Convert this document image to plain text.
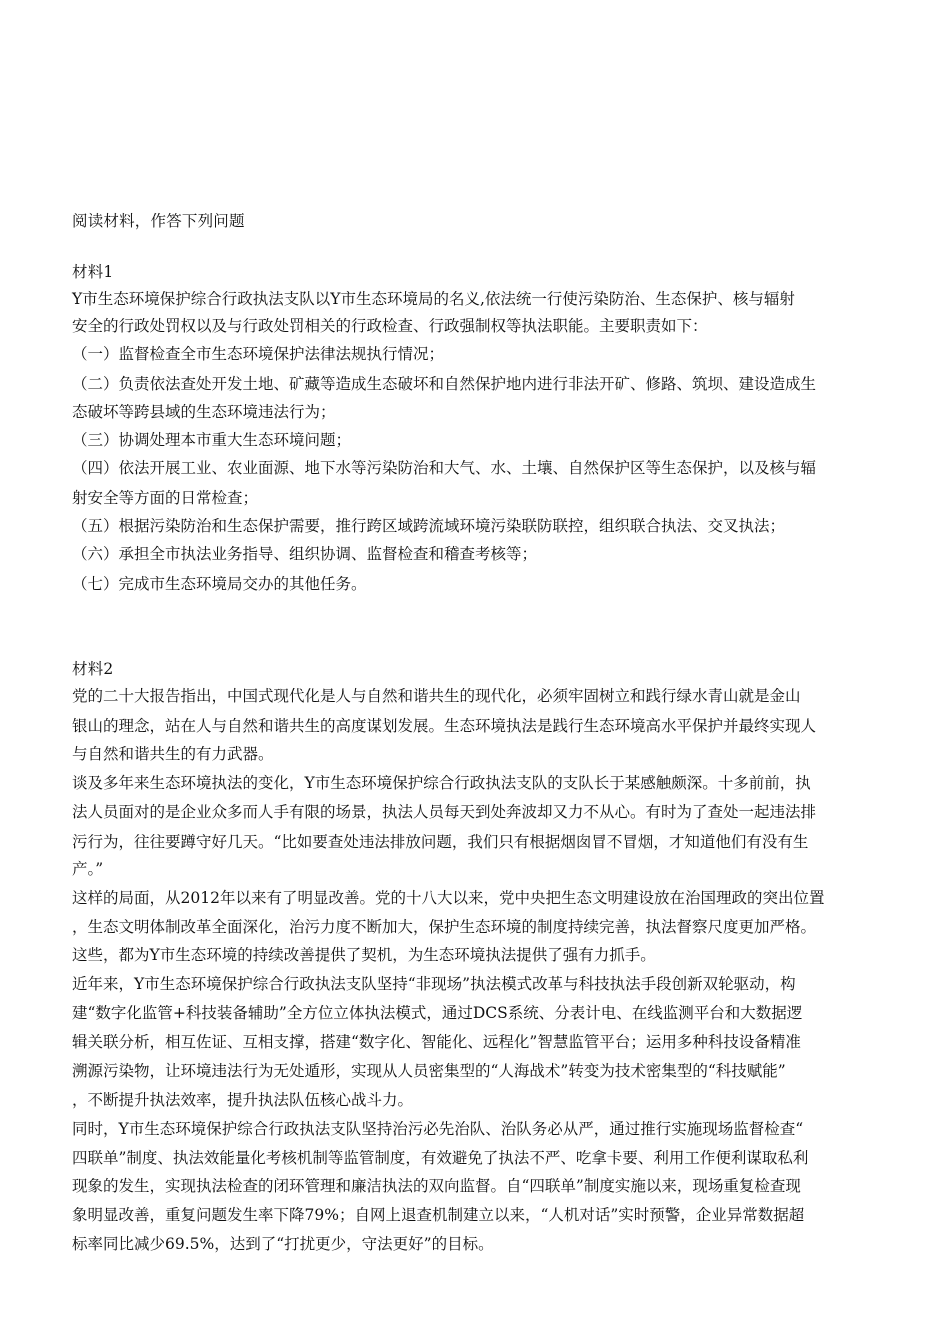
阅读材料，作答下列问题
材料1
Y市生态环境保护综合行政执法支队以Y市生态环境局的名义,依法统一行使污染防治、生态保护、核与辐射
安全的行政处罚权以及与行政处罚相关的行政检查、行政强制权等执法职能。主要职责如下：
（一）监督检查全市生态环境保护法律法规执行情况；
（二）负责依法查处开发土地、矿藏等造成生态破坏和自然保护地内进行非法开矿、修路、筑坝、建设造成生
态破坏等跨县域的生态环境违法行为；
（三）协调处理本市重大生态环境问题；
（四）依法开展工业、农业面源、地下水等污染防治和大气、水、土壤、自然保护区等生态保护，以及核与辐
射安全等方面的日常检查；
（五）根据污染防治和生态保护需要，推行跨区域跨流域环境污染联防联控，组织联合执法、交叉执法；
（六）承担全市执法业务指导、组织协调、监督检查和稽查考核等；
（七）完成市生态环境局交办的其他任务。
材料2
党的二十大报告指出，中国式现代化是人与自然和谐共生的现代化，必须牢固树立和践行绿水青山就是金山
银山的理念，站在人与自然和谐共生的高度谋划发展。生态环境执法是践行生态环境高水平保护并最终实现人
与自然和谐共生的有力武器。
谈及多年来生态环境执法的变化，Y市生态环境保护综合行政执法支队的支队长于某感触颇深。十多前前，执
法人员面对的是企业众多而人手有限的场景，执法人员每天到处奔波却又力不从心。有时为了查处一起违法排
污行为，往往要蹲守好几天。“比如要查处违法排放问题，我们只有根据烟囱冒不冒烟，才知道他们有没有生
产。”
这样的局面，从2012年以来有了明显改善。党的十八大以来，党中央把生态文明建设放在治国理政的突出位置
，生态文明体制改革全面深化，治污力度不断加大，保护生态环境的制度持续完善，执法督察尺度更加严格。
这些，都为Y市生态环境的持续改善提供了契机，为生态环境执法提供了强有力抓手。
近年来，Y市生态环境保护综合行政执法支队坚持“非现场”执法模式改革与科技执法手段创新双轮驱动，构
建“数字化监管+科技装备辅助”全方位立体执法模式，通过DCS系统、分表计电、在线监测平台和大数据逻
辑关联分析，相互佐证、互相支撑，搭建“数字化、智能化、远程化”智慧监管平台；运用多种科技设备精准
溯源污染物，让环境违法行为无处遁形，实现从人员密集型的“人海战术”转变为技术密集型的“科技赋能”
，不断提升执法效率，提升执法队伍核心战斗力。
同时，Y市生态环境保护综合行政执法支队坚持治污必先治队、治队务必从严，通过推行实施现场监督检查“
四联单”制度、执法效能量化考核机制等监管制度，有效避免了执法不严、吃拿卡要、利用工作便利谋取私利
现象的发生，实现执法检查的闭环管理和廉洁执法的双向监督。自“四联单”制度实施以来，现场重复检查现
象明显改善，重复问题发生率下降79%；自网上退查机制建立以来，“人机对话”实时预警，企业异常数据超
标率同比减少69.5%，达到了“打扰更少，守法更好”的目标。
